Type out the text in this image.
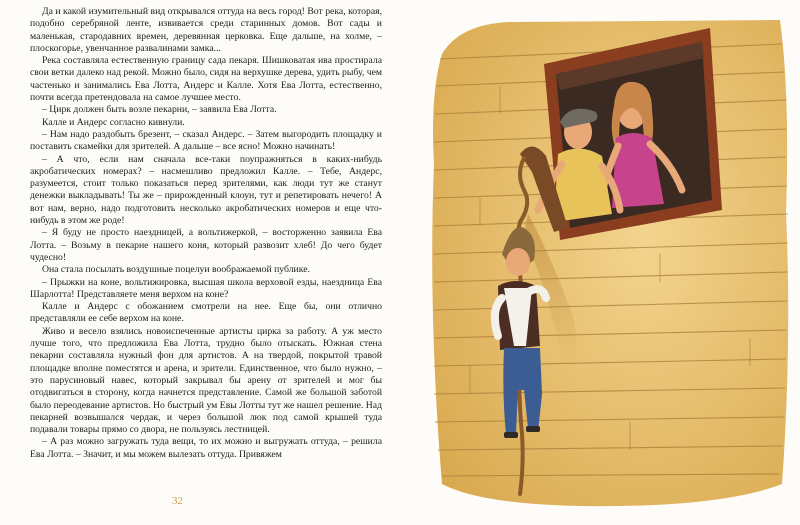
Да и какой изумительный вид открывался оттуда на весь город! Вот река, которая, подобно серебряной ленте, извивается среди старинных домов. Вот сады и маленькая, стародавних времен, деревянная церковка. Еще дальше, на холме, – плоскогорье, увенчанное развалинами замка...

Река составляла естественную границу сада пекаря. Шишковатая ива простирала свои ветки далеко над рекой. Можно было, сидя на верхушке дерева, удить рыбу, чем частенько и занимались Ева Лотта, Андерс и Калле. Хотя Ева Лотта, естественно, почти всегда претендовала на самое лучшее место.

– Цирк должен быть возле пекарни, – заявила Ева Лотта.

Калле и Андерс согласно кивнули.

– Нам надо раздобыть брезент, – сказал Андерс. – Затем выгородить площадку и поставить скамейки для зрителей. А дальше – все ясно! Можно начинать!

– А что, если нам сначала все-таки поупражняться в каких-нибудь акробатических номерах? – насмешливо предложил Калле. – Тебе, Андерс, разумеется, стоит только показаться перед зрителями, как люди тут же станут денежки выкладывать! Ты же – прирожденный клоун, тут и репетировать нечего! А вот нам, верно, надо подготовить несколько акробатических номеров и еще что-нибудь в этом же роде!

– Я буду не просто наездницей, а вольтижеркой, – восторженно заявила Ева Лотта. – Возьму в пекарне нашего коня, который развозит хлеб! До чего будет чудесно!

Она стала посылать воздушные поцелуи воображаемой публике.

– Прыжки на коне, вольтижировка, высшая школа верховой езды, наездница Ева Шарлотта! Представляете меня верхом на коне?

Калле и Андерс с обожанием смотрели на нее. Еще бы, они отлично представляли ее себе верхом на коне.

Живо и весело взялись новоиспеченные артисты цирка за работу. А уж место лучше того, что предложила Ева Лотта, трудно было отыскать. Южная стена пекарни составляла нужный фон для артистов. А на твердой, покрытой травой площадке вполне поместятся и арена, и зрители. Единственное, что было нужно, – это парусиновый навес, который закрывал бы арену от зрителей и мог бы отодвигаться в сторону, когда начнется представление. Самой же большой заботой было переодевание артистов. Но быстрый ум Евы Лотты тут же нашел решение. Над пекарней возвышался чердак, и через большой люк под самой крышей туда подавали товары прямо со двора, не пользуясь лестницей.

– А раз можно загружать туда вещи, то их можно и выгружать оттуда, – решила Ева Лотта. – Значит, и мы можем вылезать оттуда. Привяжем

32
